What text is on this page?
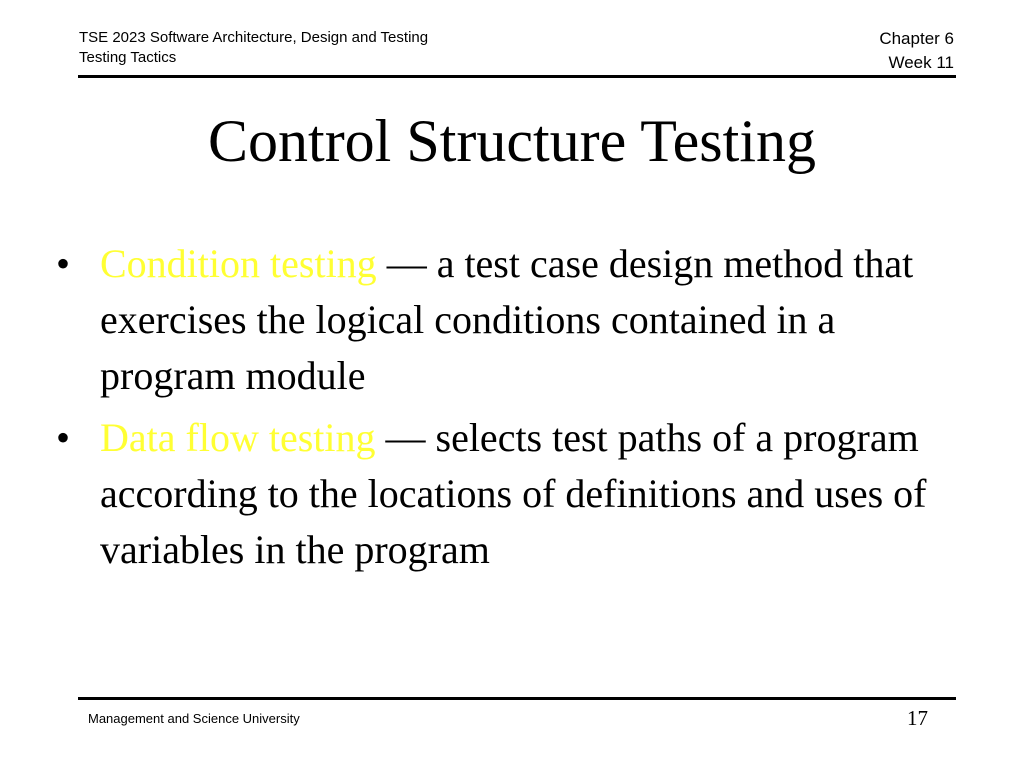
TSE 2023 Software Architecture, Design and Testing
Testing Tactics
Chapter 6
Week 11
Control Structure Testing
• Condition testing — a test case design method that exercises the logical conditions contained in a program module
• Data flow testing — selects test paths of a program according to the locations of definitions and uses of variables in the program
Management and Science University	17
